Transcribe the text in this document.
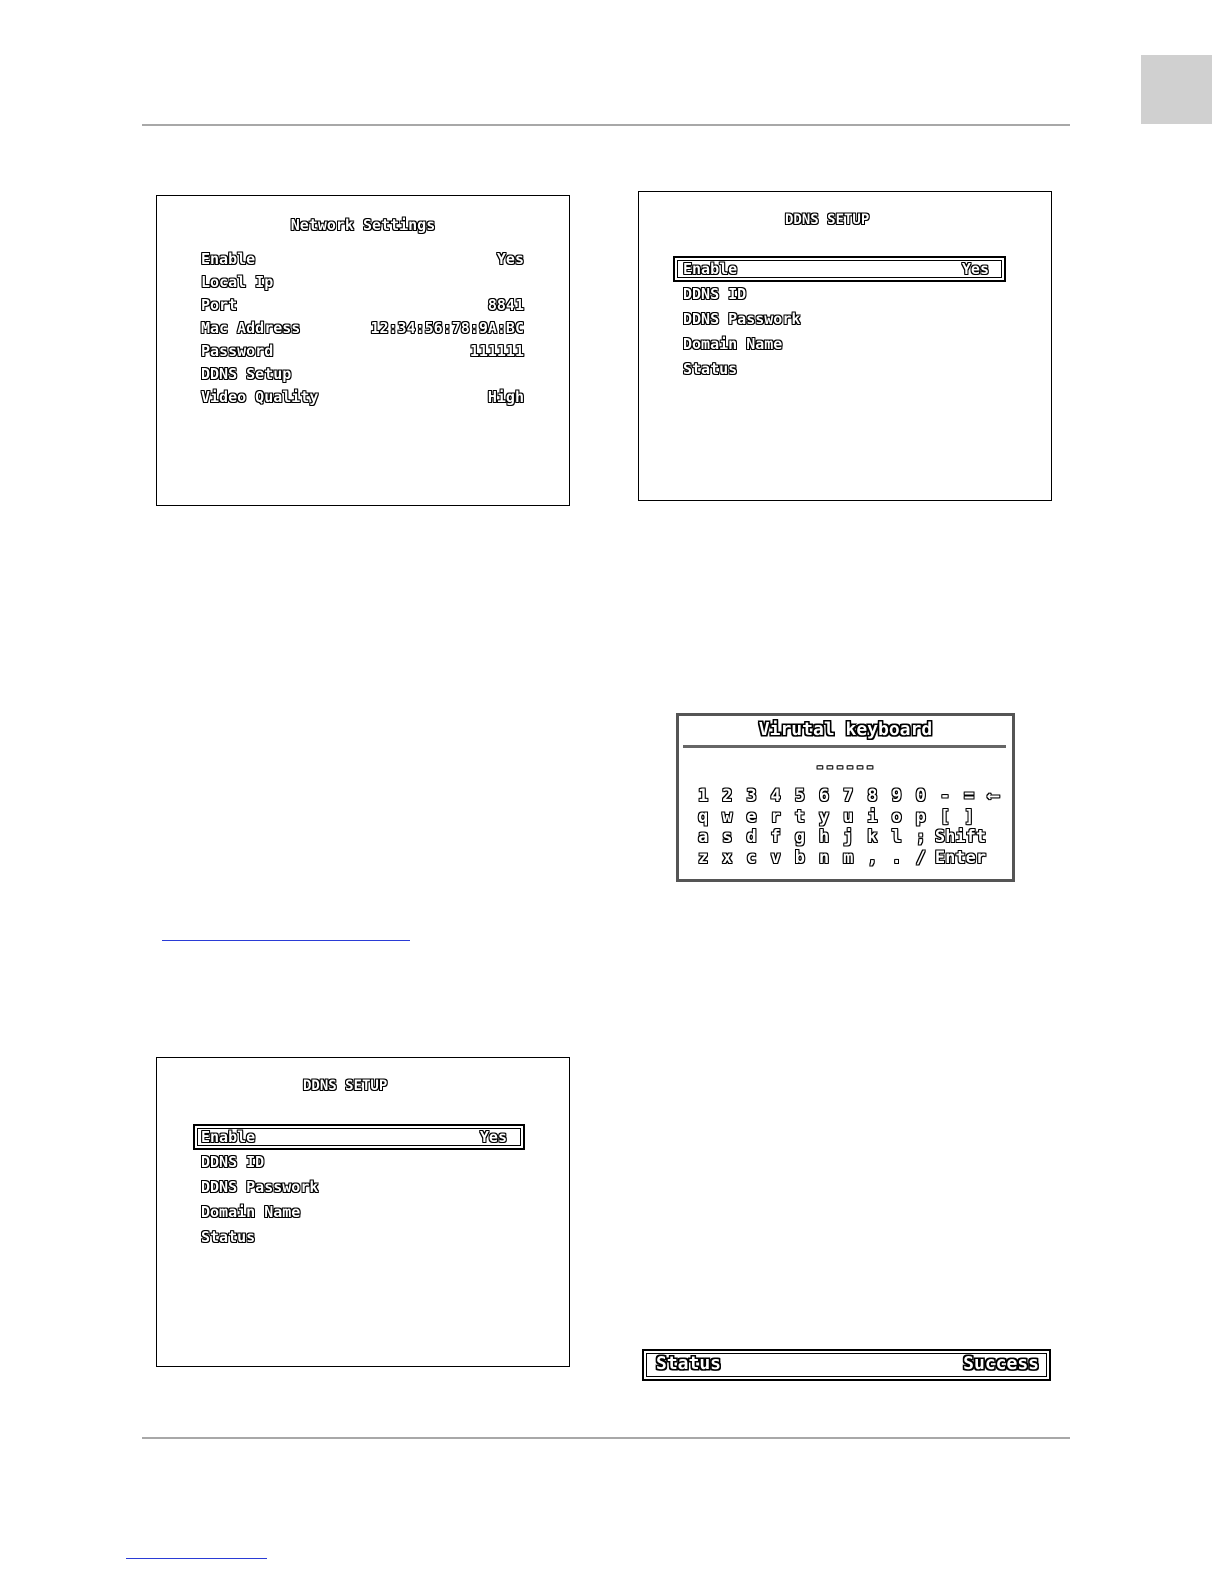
Network Settings
Enable	Yes
Local Ip
Port	8841
Mac Address	12:34:56:78:9A:BC
Password	111111
DDNS Setup
Video Quality	High
DDNS SETUP
Enable	Yes
DDNS ID
DDNS Passwork
Domain Name
Status
Virutal keyboard
------
1 2 3 4 5 6 7 8 9 0 - = ⟵
q w e r t y u i o p [ ]
a s d f g h j k l ; Shift
z x c v b n m , . / Enter
DDNS SETUP
Enable	Yes
DDNS ID
DDNS Passwork
Domain Name
Status
Status	Success
